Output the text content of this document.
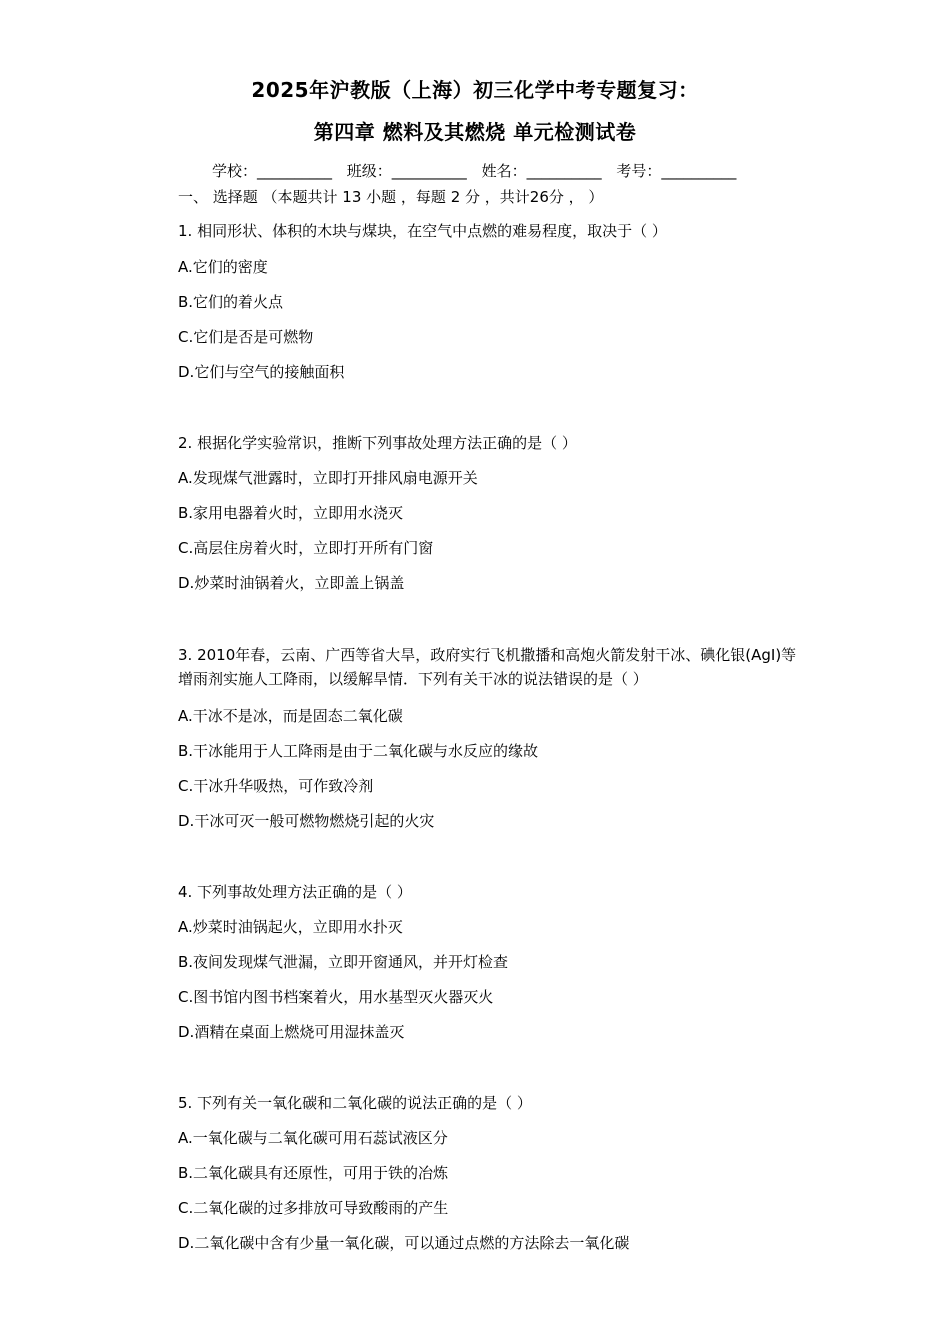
2025年沪教版（上海）初三化学中考专题复习：
第四章 燃料及其燃烧 单元检测试卷
学校：__________ 班级：__________ 姓名：__________ 考号：__________
一、 选择题 （本题共计 13 小题 ，每题 2 分 ，共计26分 ， ）
1. 相同形状、体积的木块与煤块，在空气中点燃的难易程度，取决于（ ）
A.它们的密度
B.它们的着火点
C.它们是否是可燃物
D.它们与空气的接触面积
2. 根据化学实验常识，推断下列事故处理方法正确的是（ ）
A.发现煤气泄露时，立即打开排风扇电源开关
B.家用电器着火时，立即用水浇灭
C.高层住房着火时，立即打开所有门窗
D.炒菜时油锅着火，立即盖上锅盖
3. 2010年春，云南、广西等省大旱，政府实行飞机撒播和高炮火箭发射干冰、碘化银(AgI)等增雨剂实施人工降雨，以缓解旱情．下列有关干冰的说法错误的是（ ）
A.干冰不是冰，而是固态二氧化碳
B.干冰能用于人工降雨是由于二氧化碳与水反应的缘故
C.干冰升华吸热，可作致冷剂
D.干冰可灭一般可燃物燃烧引起的火灾
4. 下列事故处理方法正确的是（ ）
A.炒菜时油锅起火，立即用水扑灭
B.夜间发现煤气泄漏，立即开窗通风，并开灯检查
C.图书馆内图书档案着火，用水基型灭火器灭火
D.酒精在桌面上燃烧可用湿抹盖灭
5. 下列有关一氧化碳和二氧化碳的说法正确的是（ ）
A.一氧化碳与二氧化碳可用石蕊试液区分
B.二氧化碳具有还原性，可用于铁的冶炼
C.二氧化碳的过多排放可导致酸雨的产生
D.二氧化碳中含有少量一氧化碳，可以通过点燃的方法除去一氧化碳
